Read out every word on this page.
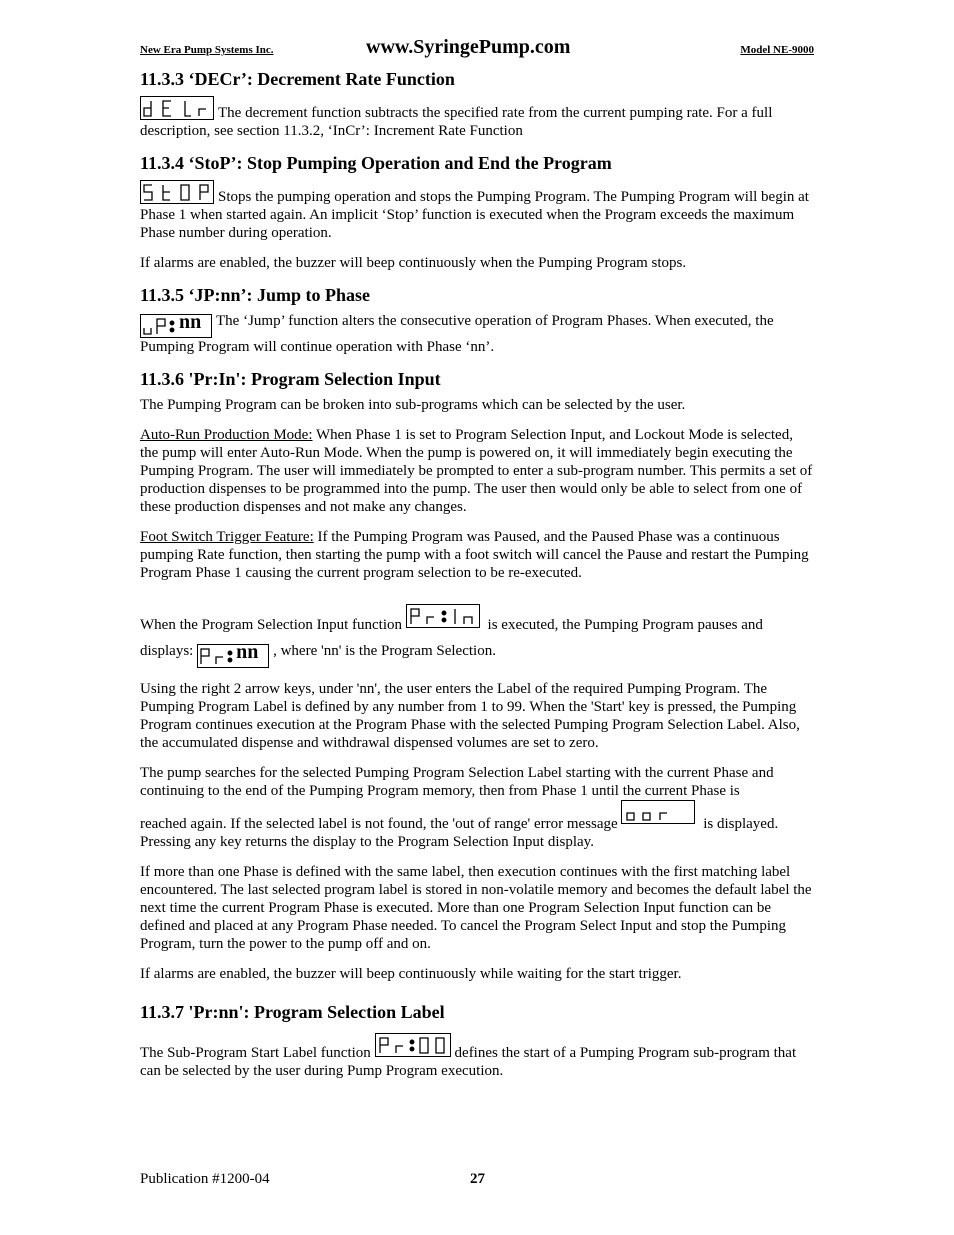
New Era Pump Systems Inc.	www.SyringePump.com	Model NE-9000
11.3.3 ‘DECr’: Decrement Rate Function

The decrement function subtracts the specified rate from the current pumping rate. For a full description, see section 11.3.2, ‘InCr’: Increment Rate Function

11.3.4 ‘StoP’: Stop Pumping Operation and End the Program

Stops the pumping operation and stops the Pumping Program. The Pumping Program will begin at Phase 1 when started again. An implicit ‘Stop’ function is executed when the Program exceeds the maximum Phase number during operation.

If alarms are enabled, the buzzer will beep continuously when the Pumping Program stops.

11.3.5 ‘JP:nn’: Jump to Phase

nn The ‘Jump’ function alters the consecutive operation of Program Phases. When executed, the Pumping Program will continue operation with Phase ‘nn’.

11.3.6 'Pr:In': Program Selection Input

The Pumping Program can be broken into sub-programs which can be selected by the user.

Auto-Run Production Mode: When Phase 1 is set to Program Selection Input, and Lockout Mode is selected, the pump will enter Auto-Run Mode. When the pump is powered on, it will immediately begin executing the Pumping Program. The user will immediately be prompted to enter a sub-program number. This permits a set of production dispenses to be programmed into the pump. The user then would only be able to select from one of these production dispenses and not make any changes.

Foot Switch Trigger Feature: If the Pumping Program was Paused, and the Paused Phase was a continuous pumping Rate function, then starting the pump with a foot switch will cancel the Pause and restart the Pumping Program Phase 1 causing the current program selection to be re-executed.

When the Program Selection Input function	is executed, the Pumping Program pauses and

displays: nn , where 'nn' is the Program Selection.

Using the right 2 arrow keys, under 'nn', the user enters the Label of the required Pumping Program. The Pumping Program Label is defined by any number from 1 to 99. When the 'Start' key is pressed, the Pumping Program continues execution at the Program Phase with the selected Pumping Program Selection Label. Also, the accumulated dispense and withdrawal dispensed volumes are set to zero.

The pump searches for the selected Pumping Program Selection Label starting with the current Phase and continuing to the end of the Pumping Program memory, then from Phase 1 until the current Phase is
reached again. If the selected label is not found, the 'out of range' error message	is displayed. Pressing any key returns the display to the Program Selection Input display.

If more than one Phase is defined with the same label, then execution continues with the first matching label encountered. The last selected program label is stored in non-volatile memory and becomes the default label the next time the current Program Phase is executed. More than one Program Selection Input function can be defined and placed at any Program Phase needed. To cancel the Program Select Input and stop the Pumping Program, turn the power to the pump off and on.

If alarms are enabled, the buzzer will beep continuously while waiting for the start trigger.

11.3.7 'Pr:nn': Program Selection Label

The Sub-Program Start Label function	defines the start of a Pumping Program sub-program that can be selected by the user during Pump Program execution.

Publication #1200-04	27
